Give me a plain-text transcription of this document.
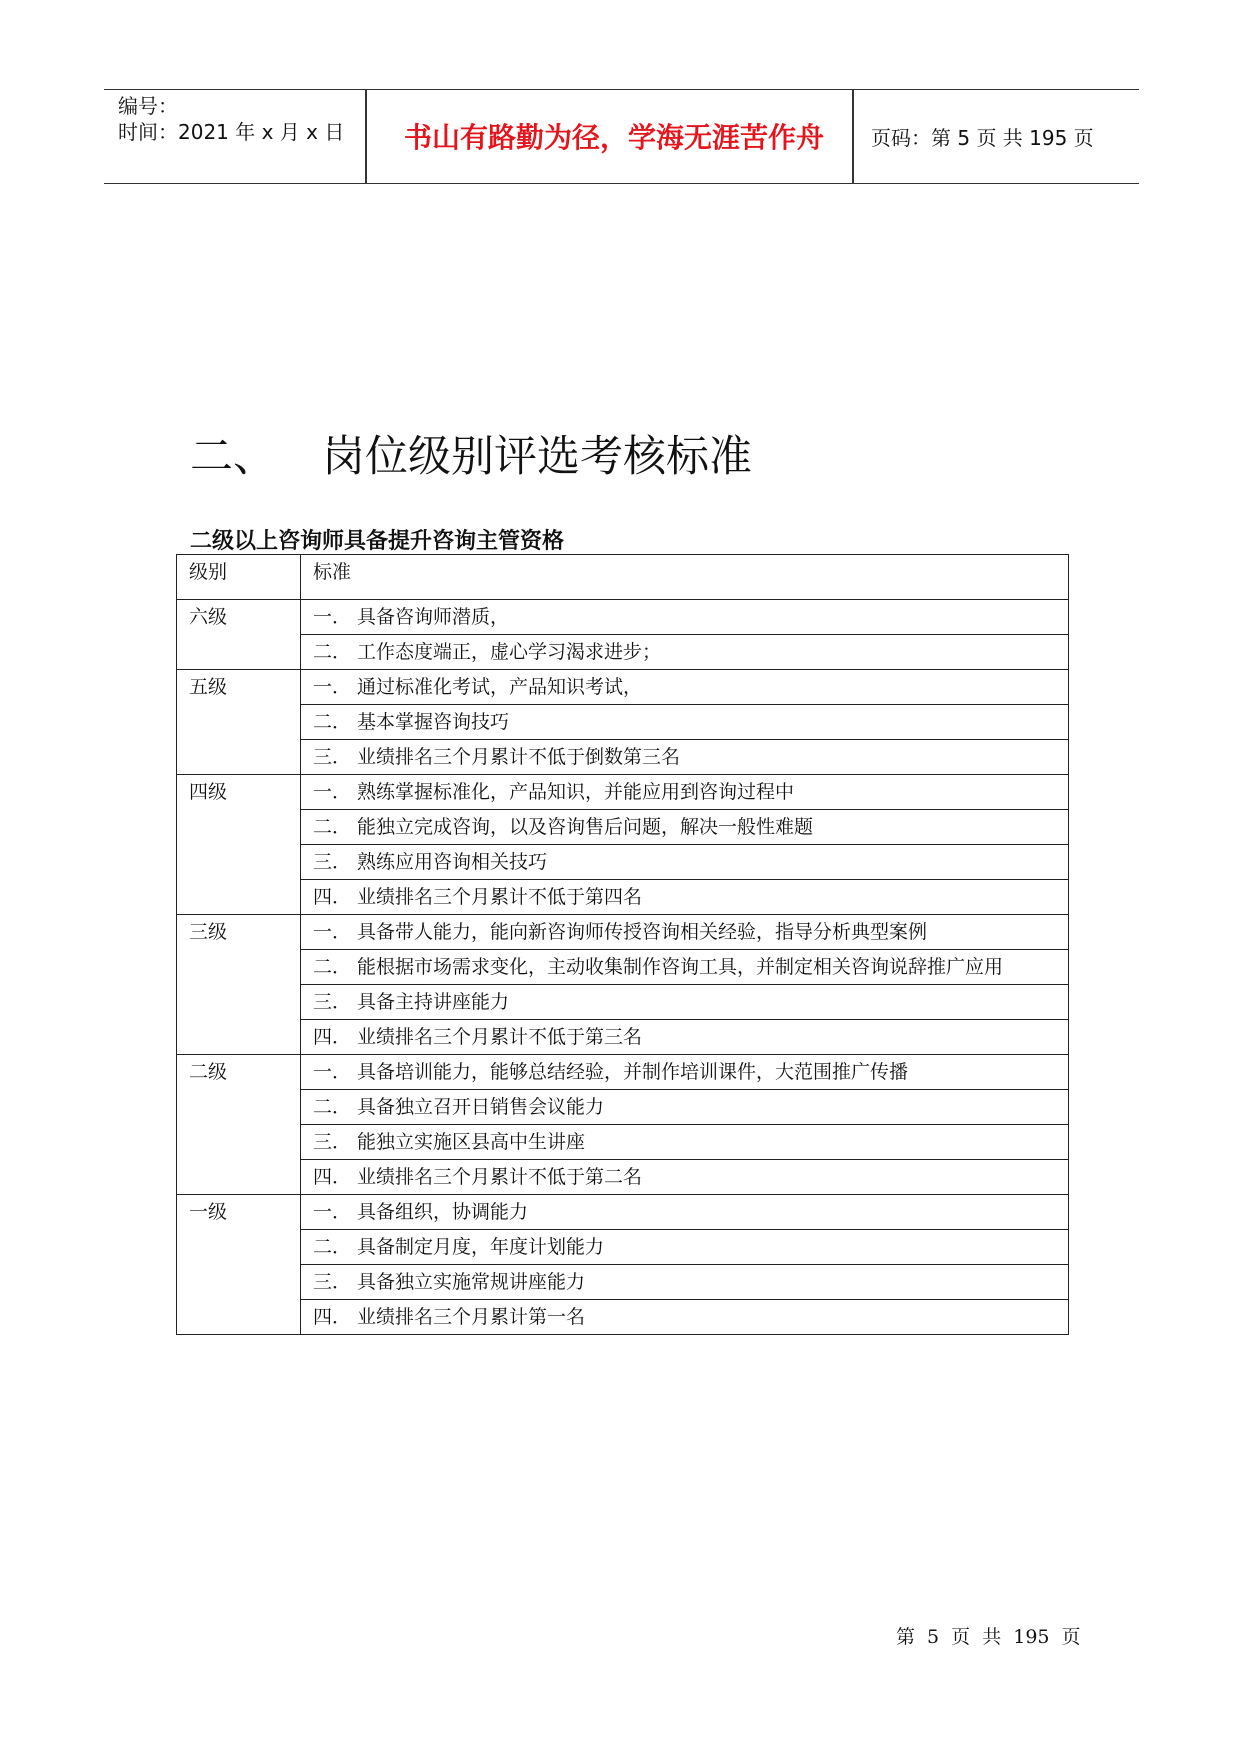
编号：
时间：2021 年 x 月 x 日	书山有路勤为径，学海无涯苦作舟	页码：第 5 页 共 195 页
二、 岗位级别评选考核标准
二级以上咨询师具备提升咨询主管资格
级别	标准
六级	一． 具备咨询师潜质，

	二． 工作态度端正，虚心学习渴求进步；

五级	一． 通过标准化考试，产品知识考试，

	二． 基本掌握咨询技巧

	三． 业绩排名三个月累计不低于倒数第三名

四级	一． 熟练掌握标准化，产品知识，并能应用到咨询过程中

	二． 能独立完成咨询，以及咨询售后问题，解决一般性难题

	三． 熟练应用咨询相关技巧

	四． 业绩排名三个月累计不低于第四名

三级	一． 具备带人能力，能向新咨询师传授咨询相关经验，指导分析典型案例

	二． 能根据市场需求变化，主动收集制作咨询工具，并制定相关咨询说辞推广应用

	三． 具备主持讲座能力

	四． 业绩排名三个月累计不低于第三名

二级	一． 具备培训能力，能够总结经验，并制作培训课件，大范围推广传播

	二． 具备独立召开日销售会议能力

	三． 能独立实施区县高中生讲座

	四． 业绩排名三个月累计不低于第二名

一级	一． 具备组织，协调能力

	二． 具备制定月度，年度计划能力

	三． 具备独立实施常规讲座能力

	四． 业绩排名三个月累计第一名
第 5 页 共 195 页
